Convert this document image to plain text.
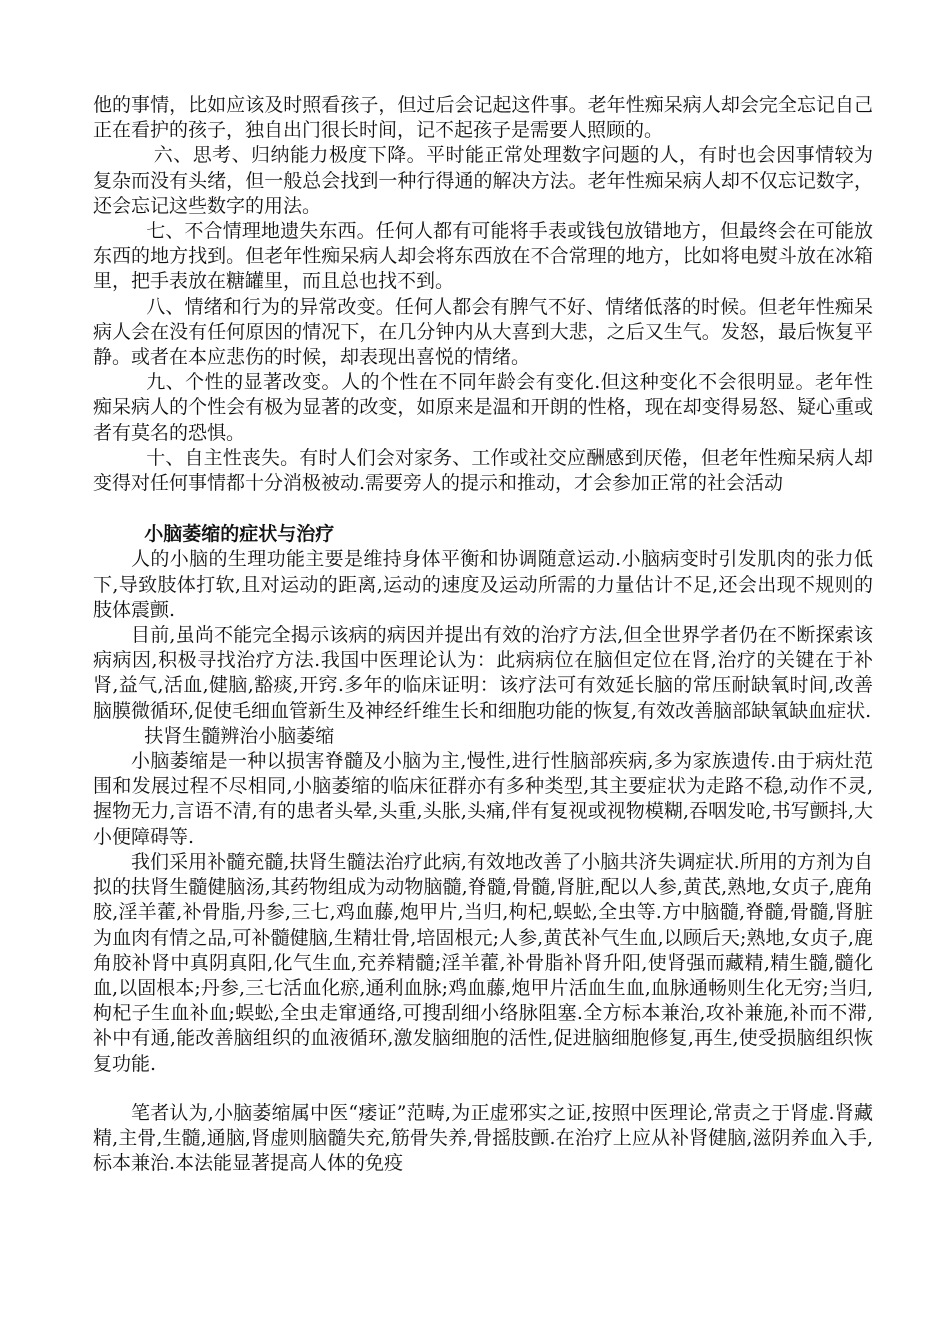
他的事情，比如应该及时照看孩子，但过后会记起这件事。老年性痴呆病人却会完全忘记自己正在看护的孩子，独自出门很长时间，记不起孩子是需要人照顾的。

六、思考、归纳能力极度下降。平时能正常处理数字问题的人，有时也会因事情较为复杂而没有头绪，但一般总会找到一种行得通的解决方法。老年性痴呆病人却不仅忘记数字，还会忘记这些数字的用法。

七、不合情理地遗失东西。任何人都有可能将手表或钱包放错地方，但最终会在可能放东西的地方找到。但老年性痴呆病人却会将东西放在不合常理的地方，比如将电熨斗放在冰箱里，把手表放在糖罐里，而且总也找不到。

八、情绪和行为的异常改变。任何人都会有脾气不好、情绪低落的时候。但老年性痴呆病人会在没有任何原因的情况下，在几分钟内从大喜到大悲，之后又生气。发怒，最后恢复平静。或者在本应悲伤的时候，却表现出喜悦的情绪。

九、个性的显著改变。人的个性在不同年龄会有变化.但这种变化不会很明显。老年性痴呆病人的个性会有极为显著的改变，如原来是温和开朗的性格，现在却变得易怒、疑心重或者有莫名的恐惧。

十、自主性丧失。有时人们会对家务、工作或社交应酬感到厌倦，但老年性痴呆病人却变得对任何事情都十分消极被动.需要旁人的提示和推动，才会参加正常的社会活动

小脑萎缩的症状与治疗

人的小脑的生理功能主要是维持身体平衡和协调随意运动.小脑病变时引发肌肉的张力低下,导致肢体打软,且对运动的距离,运动的速度及运动所需的力量估计不足,还会出现不规则的肢体震颤.

目前,虽尚不能完全揭示该病的病因并提出有效的治疗方法,但全世界学者仍在不断探索该病病因,积极寻找治疗方法.我国中医理论认为：此病病位在脑但定位在肾,治疗的关键在于补肾,益气,活血,健脑,豁痰,开窍.多年的临床证明：该疗法可有效延长脑的常压耐缺氧时间,改善脑膜微循环,促使毛细血管新生及神经纤维生长和细胞功能的恢复,有效改善脑部缺氧缺血症状.

扶肾生髓辨治小脑萎缩

小脑萎缩是一种以损害脊髓及小脑为主,慢性,进行性脑部疾病,多为家族遗传.由于病灶范围和发展过程不尽相同,小脑萎缩的临床征群亦有多种类型,其主要症状为走路不稳,动作不灵,握物无力,言语不清,有的患者头晕,头重,头胀,头痛,伴有复视或视物模糊,吞咽发呛,书写颤抖,大小便障碍等.

我们采用补髓充髓,扶肾生髓法治疗此病,有效地改善了小脑共济失调症状.所用的方剂为自拟的扶肾生髓健脑汤,其药物组成为动物脑髓,脊髓,骨髓,肾脏,配以人参,黄芪,熟地,女贞子,鹿角胶,淫羊藿,补骨脂,丹参,三七,鸡血藤,炮甲片,当归,枸杞,蜈蚣,全虫等.方中脑髓,脊髓,骨髓,肾脏为血肉有情之品,可补髓健脑,生精壮骨,培固根元;人参,黄芪补气生血,以顾后天;熟地,女贞子,鹿角胶补肾中真阴真阳,化气生血,充养精髓;淫羊藿,补骨脂补肾升阳,使肾强而藏精,精生髓,髓化血,以固根本;丹参,三七活血化瘀,通利血脉;鸡血藤,炮甲片活血生血,血脉通畅则生化无穷;当归,枸杞子生血补血;蜈蚣,全虫走窜通络,可搜刮细小络脉阻塞.全方标本兼治,攻补兼施,补而不滞,补中有通,能改善脑组织的血液循环,激发脑细胞的活性,促进脑细胞修复,再生,使受损脑组织恢复功能.

笔者认为,小脑萎缩属中医“痿证”范畴,为正虚邪实之证,按照中医理论,常责之于肾虚.肾藏精,主骨,生髓,通脑,肾虚则脑髓失充,筋骨失养,骨摇肢颤.在治疗上应从补肾健脑,滋阴养血入手,标本兼治.本法能显著提高人体的免疫
